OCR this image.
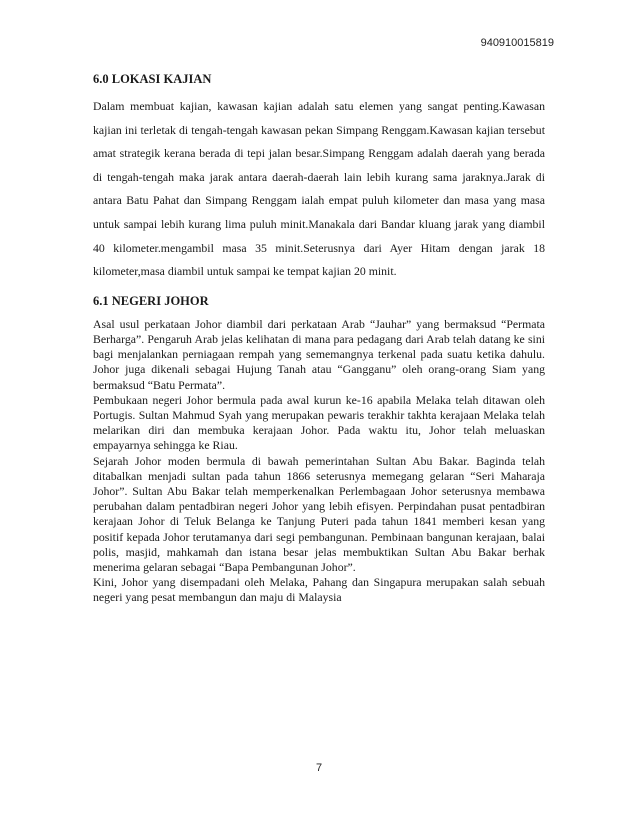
940910015819
6.0 LOKASI KAJIAN

Dalam membuat kajian, kawasan kajian adalah satu elemen yang sangat penting.Kawasan kajian ini terletak di tengah-tengah kawasan pekan Simpang Renggam.Kawasan kajian tersebut amat strategik kerana berada di tepi jalan besar.Simpang Renggam adalah daerah yang berada di tengah-tengah maka jarak antara daerah-daerah lain lebih kurang sama jaraknya.Jarak di antara Batu Pahat dan Simpang Renggam ialah empat puluh kilometer dan masa yang masa untuk sampai lebih kurang lima puluh minit.Manakala dari Bandar kluang jarak yang diambil 40 kilometer.mengambil masa 35 minit.Seterusnya dari Ayer Hitam dengan jarak 18 kilometer,masa diambil untuk sampai ke tempat kajian 20 minit.

6.1 NEGERI JOHOR

Asal usul perkataan Johor diambil dari perkataan Arab “Jauhar” yang bermaksud “Permata Berharga”. Pengaruh Arab jelas kelihatan di mana para pedagang dari Arab telah datang ke sini bagi menjalankan perniagaan rempah yang sememangnya terkenal pada suatu ketika dahulu. Johor juga dikenali sebagai Hujung Tanah atau “Gangganu” oleh orang-orang Siam yang bermaksud “Batu Permata”.

Pembukaan negeri Johor bermula pada awal kurun ke-16 apabila Melaka telah ditawan oleh Portugis. Sultan Mahmud Syah yang merupakan pewaris terakhir takhta kerajaan Melaka telah melarikan diri dan membuka kerajaan Johor. Pada waktu itu, Johor telah meluaskan empayarnya sehingga ke Riau.

Sejarah Johor moden bermula di bawah pemerintahan Sultan Abu Bakar. Baginda telah ditabalkan menjadi sultan pada tahun 1866 seterusnya memegang gelaran “Seri Maharaja Johor”. Sultan Abu Bakar telah memperkenalkan Perlembagaan Johor seterusnya membawa perubahan dalam pentadbiran negeri Johor yang lebih efisyen. Perpindahan pusat pentadbiran kerajaan Johor di Teluk Belanga ke Tanjung Puteri pada tahun 1841 memberi kesan yang positif kepada Johor terutamanya dari segi pembangunan. Pembinaan bangunan kerajaan, balai polis, masjid, mahkamah dan istana besar jelas membuktikan Sultan Abu Bakar berhak menerima gelaran sebagai “Bapa Pembangunan Johor”.

Kini, Johor yang disempadani oleh Melaka, Pahang dan Singapura merupakan salah sebuah negeri yang pesat membangun dan maju di Malaysia

7
